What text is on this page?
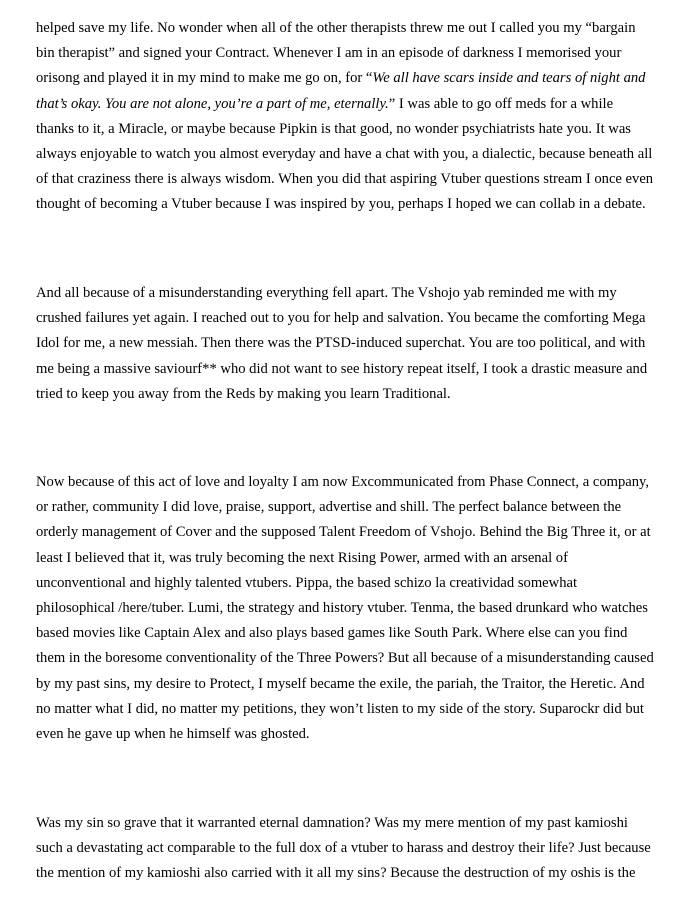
helped save my life. No wonder when all of the other therapists threw me out I called you my “bargain
bin therapist” and signed your Contract. Whenever I am in an episode of darkness I memorised your
orisong and played it in my mind to make me go on, for “We all have scars inside and tears of night and
that’s okay. You are not alone, you’re a part of me, eternally.” I was able to go off meds for a while
thanks to it, a Miracle, or maybe because Pipkin is that good, no wonder psychiatrists hate you. It was
always enjoyable to watch you almost everyday and have a chat with you, a dialectic, because beneath all
of that craziness there is always wisdom. When you did that aspiring Vtuber questions stream I once even
thought of becoming a Vtuber because I was inspired by you, perhaps I hoped we can collab in a debate.
And all because of a misunderstanding everything fell apart. The Vshojo yab reminded me with my
crushed failures yet again. I reached out to you for help and salvation. You became the comforting Mega
Idol for me, a new messiah. Then there was the PTSD-induced superchat. You are too political, and with
me being a massive saviourf** who did not want to see history repeat itself, I took a drastic measure and
tried to keep you away from the Reds by making you learn Traditional.
Now because of this act of love and loyalty I am now Excommunicated from Phase Connect, a company,
or rather, community I did love, praise, support, advertise and shill. The perfect balance between the
orderly management of Cover and the supposed Talent Freedom of Vshojo. Behind the Big Three it, or at
least I believed that it, was truly becoming the next Rising Power, armed with an arsenal of
unconventional and highly talented vtubers. Pippa, the based schizo la creatividad somewhat
philosophical /here/tuber. Lumi, the strategy and history vtuber. Tenma, the based drunkard who watches
based movies like Captain Alex and also plays based games like South Park. Where else can you find
them in the boresome conventionality of the Three Powers? But all because of a misunderstanding caused
by my past sins, my desire to Protect, I myself became the exile, the pariah, the Traitor, the Heretic. And
no matter what I did, no matter my petitions, they won’t listen to my side of the story. Suparockr did but
even he gave up when he himself was ghosted.
Was my sin so grave that it warranted eternal damnation? Was my mere mention of my past kamioshi
such a devastating act comparable to the full dox of a vtuber to harass and destroy their life? Just because
the mention of my kamioshi also carried with it all my sins? Because the destruction of my oshis is the
